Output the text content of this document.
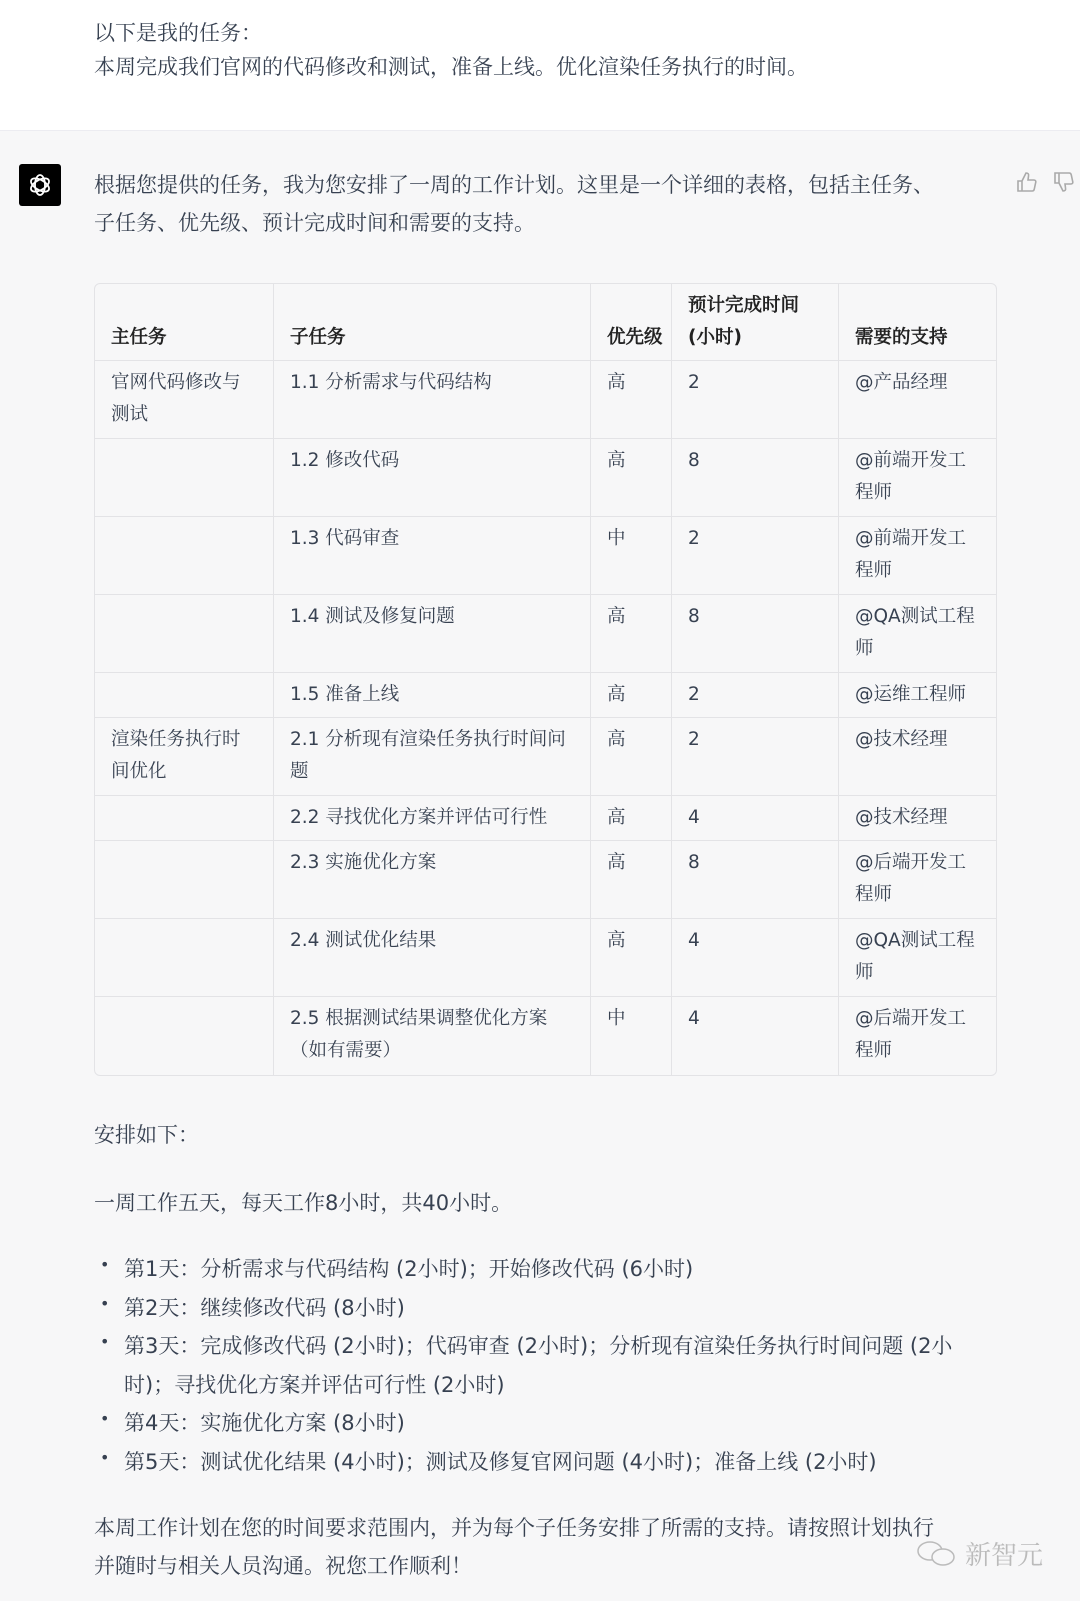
以下是我的任务：
本周完成我们官网的代码修改和测试，准备上线。优化渲染任务执行的时间。
根据您提供的任务，我为您安排了一周的工作计划。这里是一个详细的表格，包括主任务、
子任务、优先级、预计完成时间和需要的支持。
主任务	子任务	优先级	预计完成时间(小时)	需要的支持
官网代码修改与测试	1.1 分析需求与代码结构	高	2	@产品经理
	1.2 修改代码	高	8	@前端开发工程师
	1.3 代码审查	中	2	@前端开发工程师
	1.4 测试及修复问题	高	8	@QA测试工程师
	1.5 准备上线	高	2	@运维工程师
渲染任务执行时间优化	2.1 分析现有渲染任务执行时间问题	高	2	@技术经理
	2.2 寻找优化方案并评估可行性	高	4	@技术经理
	2.3 实施优化方案	高	8	@后端开发工程师
	2.4 测试优化结果	高	4	@QA测试工程师
	2.5 根据测试结果调整优化方案（如有需要）	中	4	@后端开发工程师
安排如下：
一周工作五天，每天工作8小时，共40小时。
• 第1天：分析需求与代码结构 (2小时)；开始修改代码 (6小时)
• 第2天：继续修改代码 (8小时)
• 第3天：完成修改代码 (2小时)；代码审查 (2小时)；分析现有渲染任务执行时间问题 (2小时)；寻找优化方案并评估可行性 (2小时)
• 第4天：实施优化方案 (8小时)
• 第5天：测试优化结果 (4小时)；测试及修复官网问题 (4小时)；准备上线 (2小时)
本周工作计划在您的时间要求范围内，并为每个子任务安排了所需的支持。请按照计划执行
并随时与相关人员沟通。祝您工作顺利！	新智元
